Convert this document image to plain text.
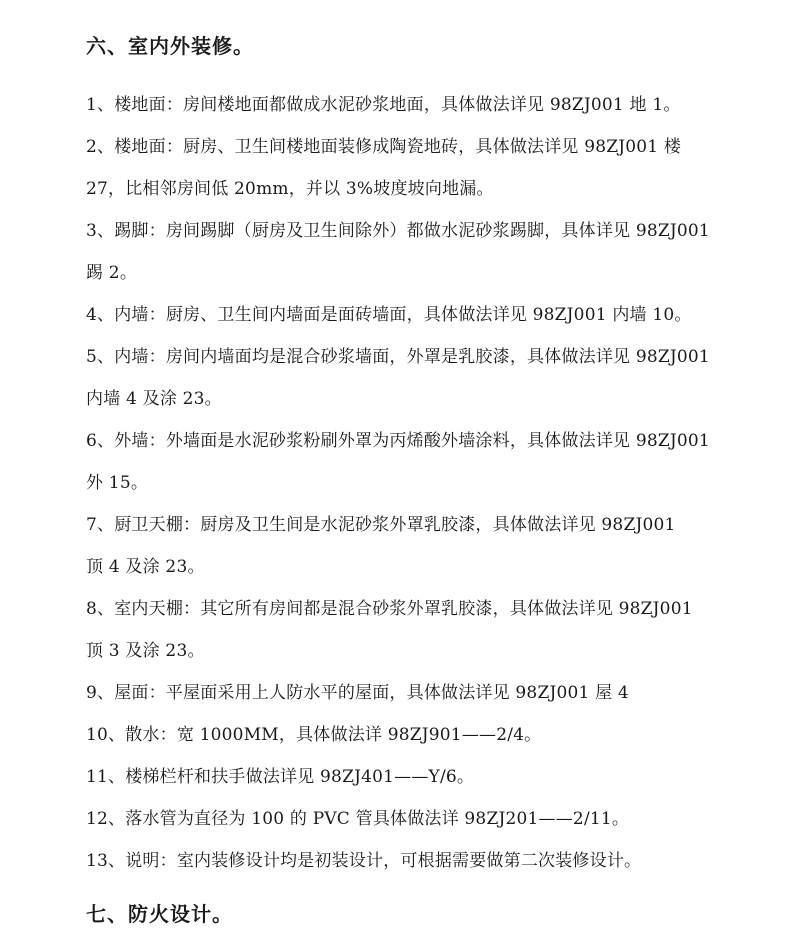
六、室内外装修。
1、楼地面：房间楼地面都做成水泥砂浆地面，具体做法详见 98ZJ001 地 1。
2、楼地面：厨房、卫生间楼地面装修成陶瓷地砖，具体做法详见 98ZJ001 楼
27，比相邻房间低 20mm，并以 3%坡度坡向地漏。
3、踢脚：房间踢脚（厨房及卫生间除外）都做水泥砂浆踢脚，具体详见 98ZJ001
踢 2。
4、内墙：厨房、卫生间内墙面是面砖墙面，具体做法详见 98ZJ001 内墙 10。
5、内墙：房间内墙面均是混合砂浆墙面，外罩是乳胶漆，具体做法详见 98ZJ001
内墙 4 及涂 23。
6、外墙：外墙面是水泥砂浆粉刷外罩为丙烯酸外墙涂料，具体做法详见 98ZJ001
外 15。
7、厨卫天棚：厨房及卫生间是水泥砂浆外罩乳胶漆，具体做法详见 98ZJ001
顶 4 及涂 23。
8、室内天棚：其它所有房间都是混合砂浆外罩乳胶漆，具体做法详见 98ZJ001
顶 3 及涂 23。
9、屋面：平屋面采用上人防水平的屋面，具体做法详见 98ZJ001 屋 4
10、散水：宽 1000MM，具体做法详 98ZJ901——2/4。
11、楼梯栏杆和扶手做法详见 98ZJ401——Y/6。
12、落水管为直径为 100 的 PVC 管具体做法详 98ZJ201——2/11。
13、说明：室内装修设计均是初装设计，可根据需要做第二次装修设计。
七、防火设计。
